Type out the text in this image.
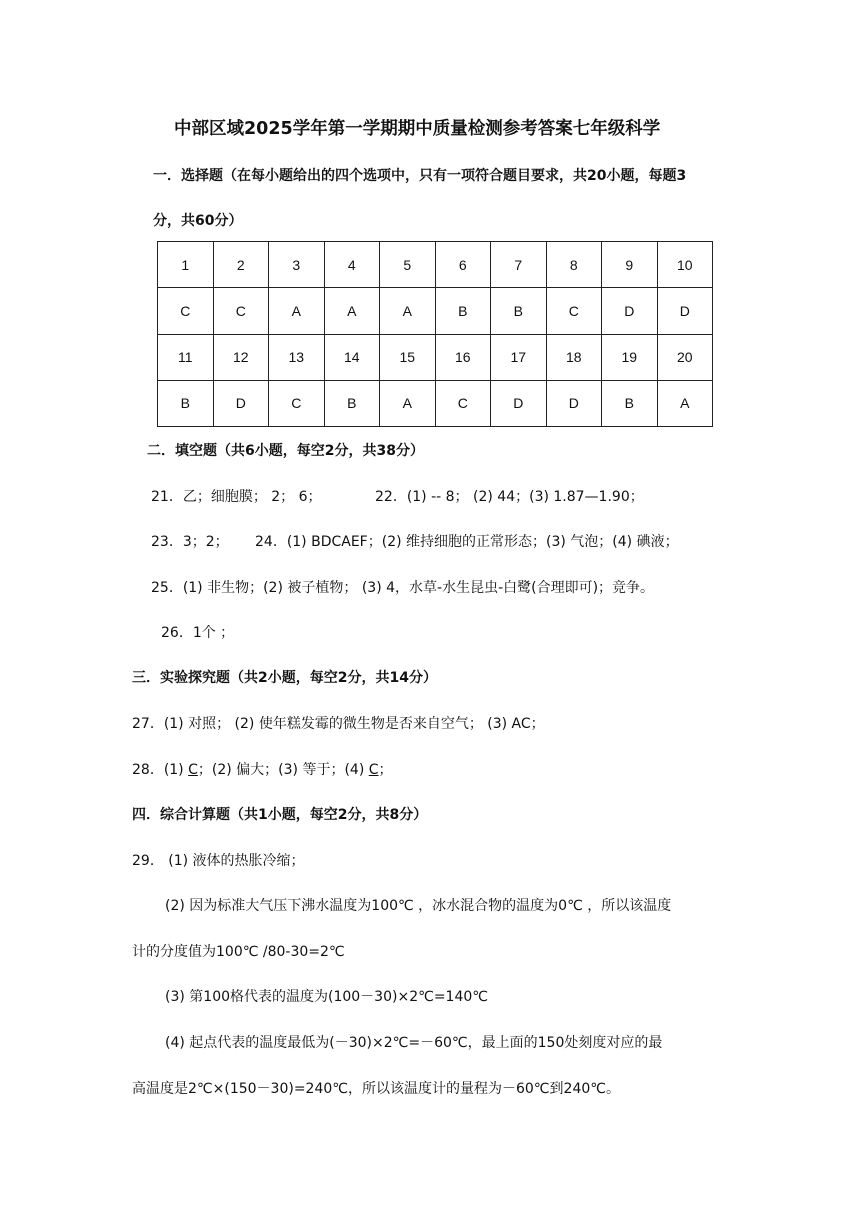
中部区域2025学年第一学期期中质量检测参考答案七年级科学
一．选择题（在每小题给出的四个选项中，只有一项符合题目要求，共20小题，每题3
分，共60分）
1	2	3	4	5	6	7	8	9	10
C	C	A	A	A	B	B	C	D	D
11	12	13	14	15	16	17	18	19	20
B	D	C	B	A	C	D	D	B	A
二．填空题（共6小题，每空2分，共38分）
21．乙；细胞膜； 2； 6；	22．(1) -- 8； (2) 44；(3) 1.87—1.90；
23．3；2； 24．(1) BDCAEF；(2) 维持细胞的正常形态；(3) 气泡；(4) 碘液；
25．(1) 非生物；(2) 被子植物； (3) 4，水草-水生昆虫-白鹭(合理即可)；竞争。
26．1个 ；
三．实验探究题（共2小题，每空2分，共14分）
27．(1) 对照； (2) 使年糕发霉的微生物是否来自空气； (3) AC；
28．(1) C；(2) 偏大；(3) 等于；(4) C；
四．综合计算题（共1小题，每空2分，共8分）
29． (1) 液体的热胀冷缩；
(2) 因为标准大气压下沸水温度为100℃ ，冰水混合物的温度为0℃ ，所以该温度
计的分度值为100℃ /80-30=2℃
(3) 第100格代表的温度为(100－30)×2℃=140℃
(4) 起点代表的温度最低为(－30)×2℃=－60℃，最上面的150处刻度对应的最
高温度是2℃×(150－30)=240℃，所以该温度计的量程为－60℃到240℃。
